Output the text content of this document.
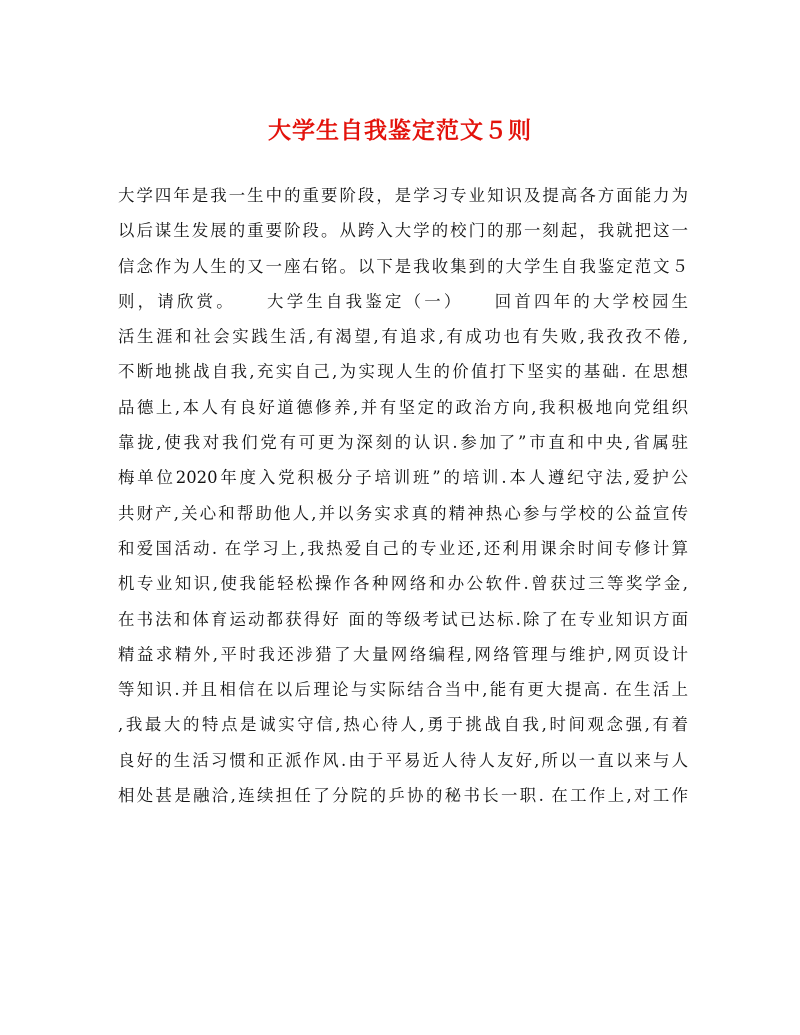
大学生自我鉴定范文５则
大学四年是我一生中的重要阶段，是学习专业知识及提高各方面能力为
以后谋生发展的重要阶段。从跨入大学的校门的那一刻起，我就把这一
信念作为人生的又一座右铭。以下是我收集到的大学生自我鉴定范文５
则，请欣赏。　　大学生自我鉴定（一）　　回首四年的大学校园生
活生涯和社会实践生活,有渴望,有追求,有成功也有失败,我孜孜不倦,
不断地挑战自我,充实自己,为实现人生的价值打下坚实的基础. 在思想
品德上,本人有良好道德修养,并有坚定的政治方向,我积极地向党组织
靠拢,使我对我们党有可更为深刻的认识.参加了”市直和中央,省属驻
梅单位2020年度入党积极分子培训班”的培训.本人遵纪守法,爱护公
共财产,关心和帮助他人,并以务实求真的精神热心参与学校的公益宣传
和爱国活动. 在学习上,我热爱自己的专业还,还利用课余时间专修计算
机专业知识,使我能轻松操作各种网络和办公软件.曾获过三等奖学金,
在书法和体育运动都获得好 面的等级考试已达标.除了在专业知识方面
精益求精外,平时我还涉猎了大量网络编程,网络管理与维护,网页设计
等知识.并且相信在以后理论与实际结合当中,能有更大提高. 在生活上
,我最大的特点是诚实守信,热心待人,勇于挑战自我,时间观念强,有着
良好的生活习惯和正派作风.由于平易近人待人友好,所以一直以来与人
相处甚是融洽,连续担任了分院的乒协的秘书长一职. 在工作上,对工作
